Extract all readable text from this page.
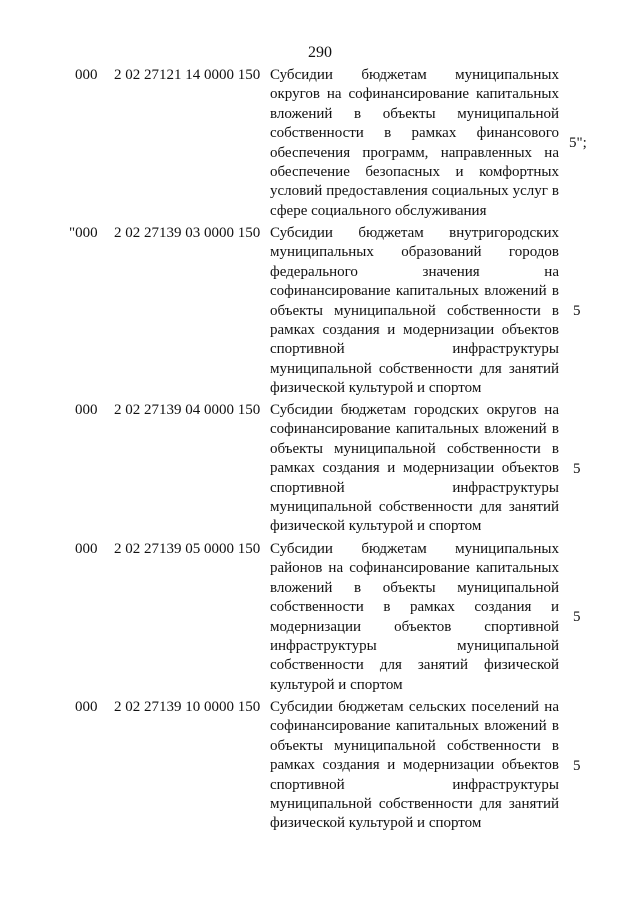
290
000	2 02 27121 14 0000 150 Субсидии бюджетам муниципальных
округов на софинансирование капитальных
вложений в объекты муниципальной
собственности в рамках финансового
обеспечения программ, направленных на
обеспечение безопасных и комфортных
условий предоставления социальных услуг в
сфере социального обслуживания
5";
"000	2 02 27139 03 0000 150 Субсидии бюджетам внутригородских
муниципальных образований городов
федерального значения на
софинансирование капитальных вложений в
объекты муниципальной собственности в
рамках создания и модернизации объектов
спортивной инфраструктуры
муниципальной собственности для занятий
физической культурой и спортом
5
000	2 02 27139 04 0000 150 Субсидии бюджетам городских округов на
софинансирование капитальных вложений в
объекты муниципальной собственности в
рамках создания и модернизации объектов
спортивной инфраструктуры
муниципальной собственности для занятий
физической культурой и спортом
5
000	2 02 27139 05 0000 150 Субсидии бюджетам муниципальных
районов на софинансирование капитальных
вложений в объекты муниципальной
собственности в рамках создания и
модернизации объектов спортивной
инфраструктуры муниципальной
собственности для занятий физической
культурой и спортом
5
000	2 02 27139 10 0000 150 Субсидии бюджетам сельских поселений на
софинансирование капитальных вложений в
объекты муниципальной собственности в
рамках создания и модернизации объектов
спортивной инфраструктуры
муниципальной собственности для занятий
физической культурой и спортом
5
